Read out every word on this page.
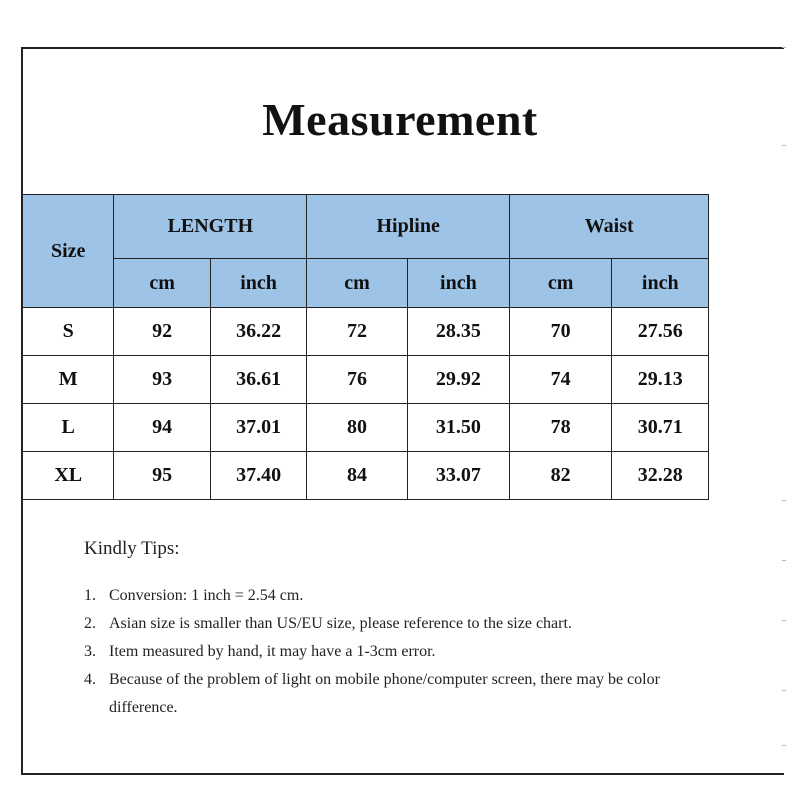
Measurement
Size	LENGTH		Hipline		Waist	
	cm	inch	cm	inch	cm	inch
S	92	36.22	72	28.35	70	27.56
M	93	36.61	76	29.92	74	29.13
L	94	37.01	80	31.50	78	30.71
XL	95	37.40	84	33.07	82	32.28
Kindly Tips:
1. Conversion: 1 inch = 2.54 cm.
2. Asian size is smaller than US/EU size, please reference to the size chart.
3. Item measured by hand, it may have a 1-3cm error.
4. Because of the problem of light on mobile phone/computer screen, there may be color difference.
